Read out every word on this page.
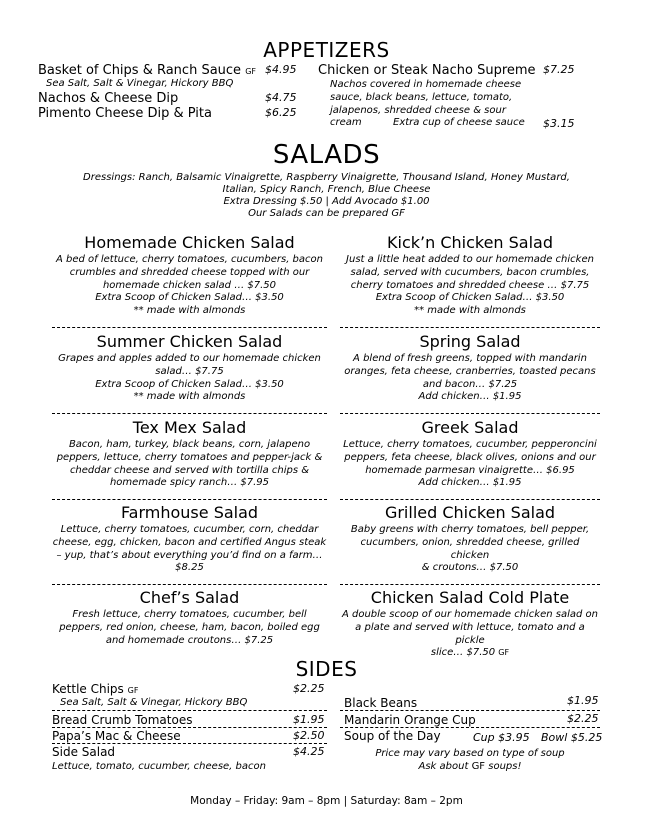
APPETIZERS
Basket of Chips & Ranch Sauce GF $4.95
Sea Salt, Salt & Vinegar, Hickory BBQ
Nachos & Cheese Dip	$4.75
Pimento Cheese Dip & Pita	$6.25
Chicken or Steak Nacho Supreme $7.25
Nachos covered in homemade cheese
sauce, black beans, lettuce, tomato,
jalapenos, shredded cheese & sour
cream	Extra cup of cheese sauce $3.15
SALADS
Dressings: Ranch, Balsamic Vinaigrette, Raspberry Vinaigrette, Thousand Island, Honey Mustard,
Italian, Spicy Ranch, French, Blue Cheese
Extra Dressing $.50 | Add Avocado $1.00
Our Salads can be prepared GF
Homemade Chicken Salad
A bed of lettuce, cherry tomatoes, cucumbers, bacon
crumbles and shredded cheese topped with our
homemade chicken salad … $7.50
Extra Scoop of Chicken Salad… $3.50
** made with almonds
Kick’n Chicken Salad
Just a little heat added to our homemade chicken
salad, served with cucumbers, bacon crumbles,
cherry tomatoes and shredded cheese … $7.75
Extra Scoop of Chicken Salad… $3.50
** made with almonds
Summer Chicken Salad
Grapes and apples added to our homemade chicken
salad… $7.75
Extra Scoop of Chicken Salad… $3.50
** made with almonds
Spring Salad
A blend of fresh greens, topped with mandarin
oranges, feta cheese, cranberries, toasted pecans
and bacon… $7.25
Add chicken… $1.95
Tex Mex Salad
Bacon, ham, turkey, black beans, corn, jalapeno
peppers, lettuce, cherry tomatoes and pepper-jack &
cheddar cheese and served with tortilla chips &
homemade spicy ranch… $7.95
Greek Salad
Lettuce, cherry tomatoes, cucumber, pepperoncini
peppers, feta cheese, black olives, onions and our
homemade parmesan vinaigrette… $6.95
Add chicken… $1.95
Farmhouse Salad
Lettuce, cherry tomatoes, cucumber, corn, cheddar
cheese, egg, chicken, bacon and certified Angus steak
– yup, that’s about everything you’d find on a farm…
$8.25
Grilled Chicken Salad
Baby greens with cherry tomatoes, bell pepper,
cucumbers, onion, shredded cheese, grilled chicken
& croutons… $7.50
Chef’s Salad
Fresh lettuce, cherry tomatoes, cucumber, bell
peppers, red onion, cheese, ham, bacon, boiled egg
and homemade croutons… $7.25
Chicken Salad Cold Plate
A double scoop of our homemade chicken salad on
a plate and served with lettuce, tomato and a pickle
slice… $7.50 GF
SIDES
Kettle Chips GF	$2.25
Sea Salt, Salt & Vinegar, Hickory BBQ
Bread Crumb Tomatoes	$1.95
Papa’s Mac & Cheese	$2.50
Side Salad	$4.25
Lettuce, tomato, cucumber, cheese, bacon
Black Beans	$1.95
Mandarin Orange Cup	$2.25
Soup of the Day	Cup $3.95 Bowl $5.25
Price may vary based on type of soup
Ask about GF soups!
Monday – Friday: 9am – 8pm | Saturday: 8am – 2pm
